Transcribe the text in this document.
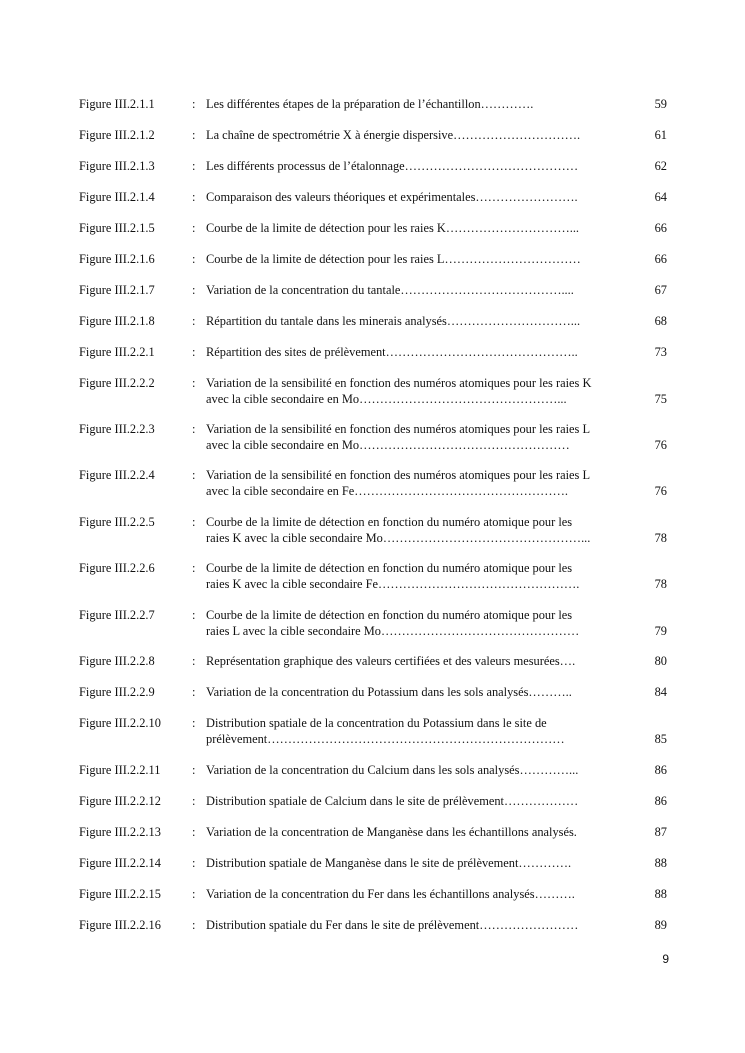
Figure III.2.1.1	: Les différentes étapes de la préparation de l’échantillon………….	59
Figure III.2.1.2	: La chaîne de spectrométrie X à énergie dispersive………………………….	61
Figure III.2.1.3	: Les différents processus de l’étalonnage……………………………………	62
Figure III.2.1.4	: Comparaison des valeurs théoriques et expérimentales…………………….	64
Figure III.2.1.5	: Courbe de la limite de détection pour les raies K…………………………...	66
Figure III.2.1.6	: Courbe de la limite de détection pour les raies L……………………………	66
Figure III.2.1.7	: Variation de la concentration du tantale…………………………………....	67
Figure III.2.1.8	: Répartition du tantale dans les minerais analysés…………………………...	68
Figure III.2.2.1	: Répartition des sites de prélèvement………………………………………..	73
Figure III.2.2.2	: Variation de la sensibilité en fonction des numéros atomiques pour les raies K
avec la cible secondaire en Mo…………………………………………...	75
Figure III.2.2.3	: Variation de la sensibilité en fonction des numéros atomiques pour les raies L
avec la cible secondaire en Mo……………………………………………	76
Figure III.2.2.4	: Variation de la sensibilité en fonction des numéros atomiques pour les raies L
avec la cible secondaire en Fe…………………………………………….	76
Figure III.2.2.5	: Courbe de la limite de détection en fonction du numéro atomique pour les
raies K avec la cible secondaire Mo…………………………………………...	78
Figure III.2.2.6	: Courbe de la limite de détection en fonction du numéro atomique pour les
raies K avec la cible secondaire Fe………………………………………….	78
Figure III.2.2.7	: Courbe de la limite de détection en fonction du numéro atomique pour les
raies L avec la cible secondaire Mo…………………………………………	79
Figure III.2.2.8	: Représentation graphique des valeurs certifiées et des valeurs mesurées….	80
Figure III.2.2.9	: Variation de la concentration du Potassium dans les sols analysés………..	84
Figure III.2.2.10	: Distribution spatiale de la concentration du Potassium dans le site de
prélèvement………………………………………………………………	85
Figure III.2.2.11	: Variation de la concentration du Calcium dans les sols analysés…………...	86
Figure III.2.2.12	: Distribution spatiale de Calcium dans le site de prélèvement………………	86
Figure III.2.2.13	: Variation de la concentration de Manganèse dans les échantillons analysés.	87
Figure III.2.2.14	: Distribution spatiale de Manganèse dans le site de prélèvement………….	88
Figure III.2.2.15	: Variation de la concentration du Fer dans les échantillons analysés……….	88
Figure III.2.2.16	: Distribution spatiale du Fer dans le site de prélèvement……………………	89
9
